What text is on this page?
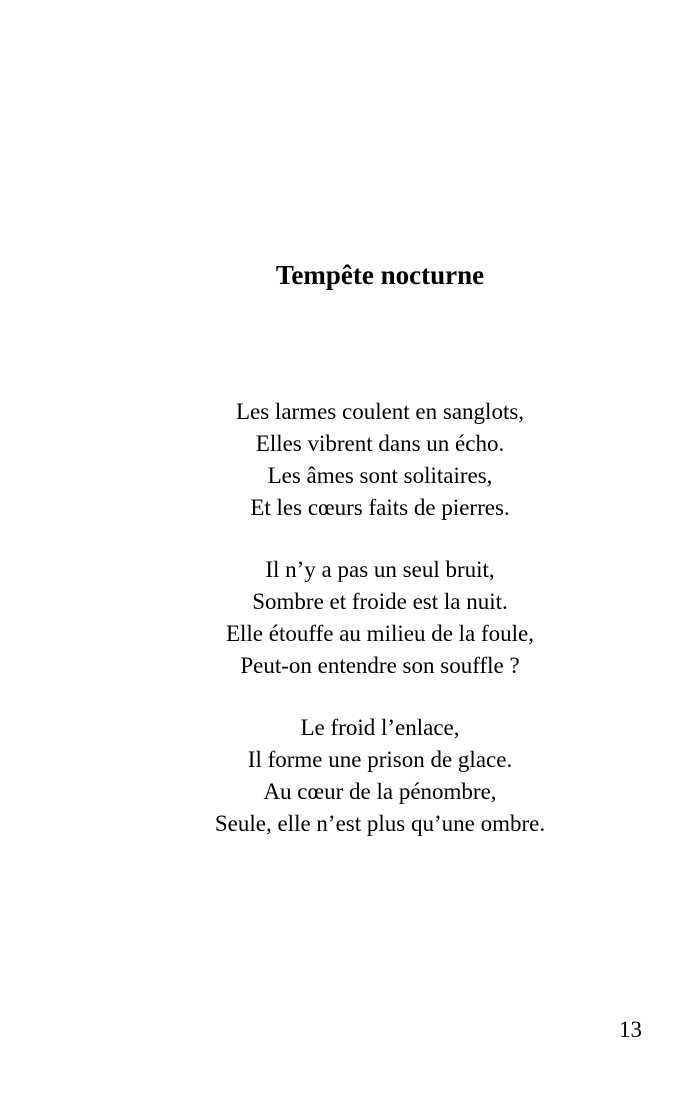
Tempête nocturne
Les larmes coulent en sanglots,
Elles vibrent dans un écho.
Les âmes sont solitaires,
Et les cœurs faits de pierres.
Il n’y a pas un seul bruit,
Sombre et froide est la nuit.
Elle étouffe au milieu de la foule,
Peut-on entendre son souffle ?
Le froid l’enlace,
Il forme une prison de glace.
Au cœur de la pénombre,
Seule, elle n’est plus qu’une ombre.
13
